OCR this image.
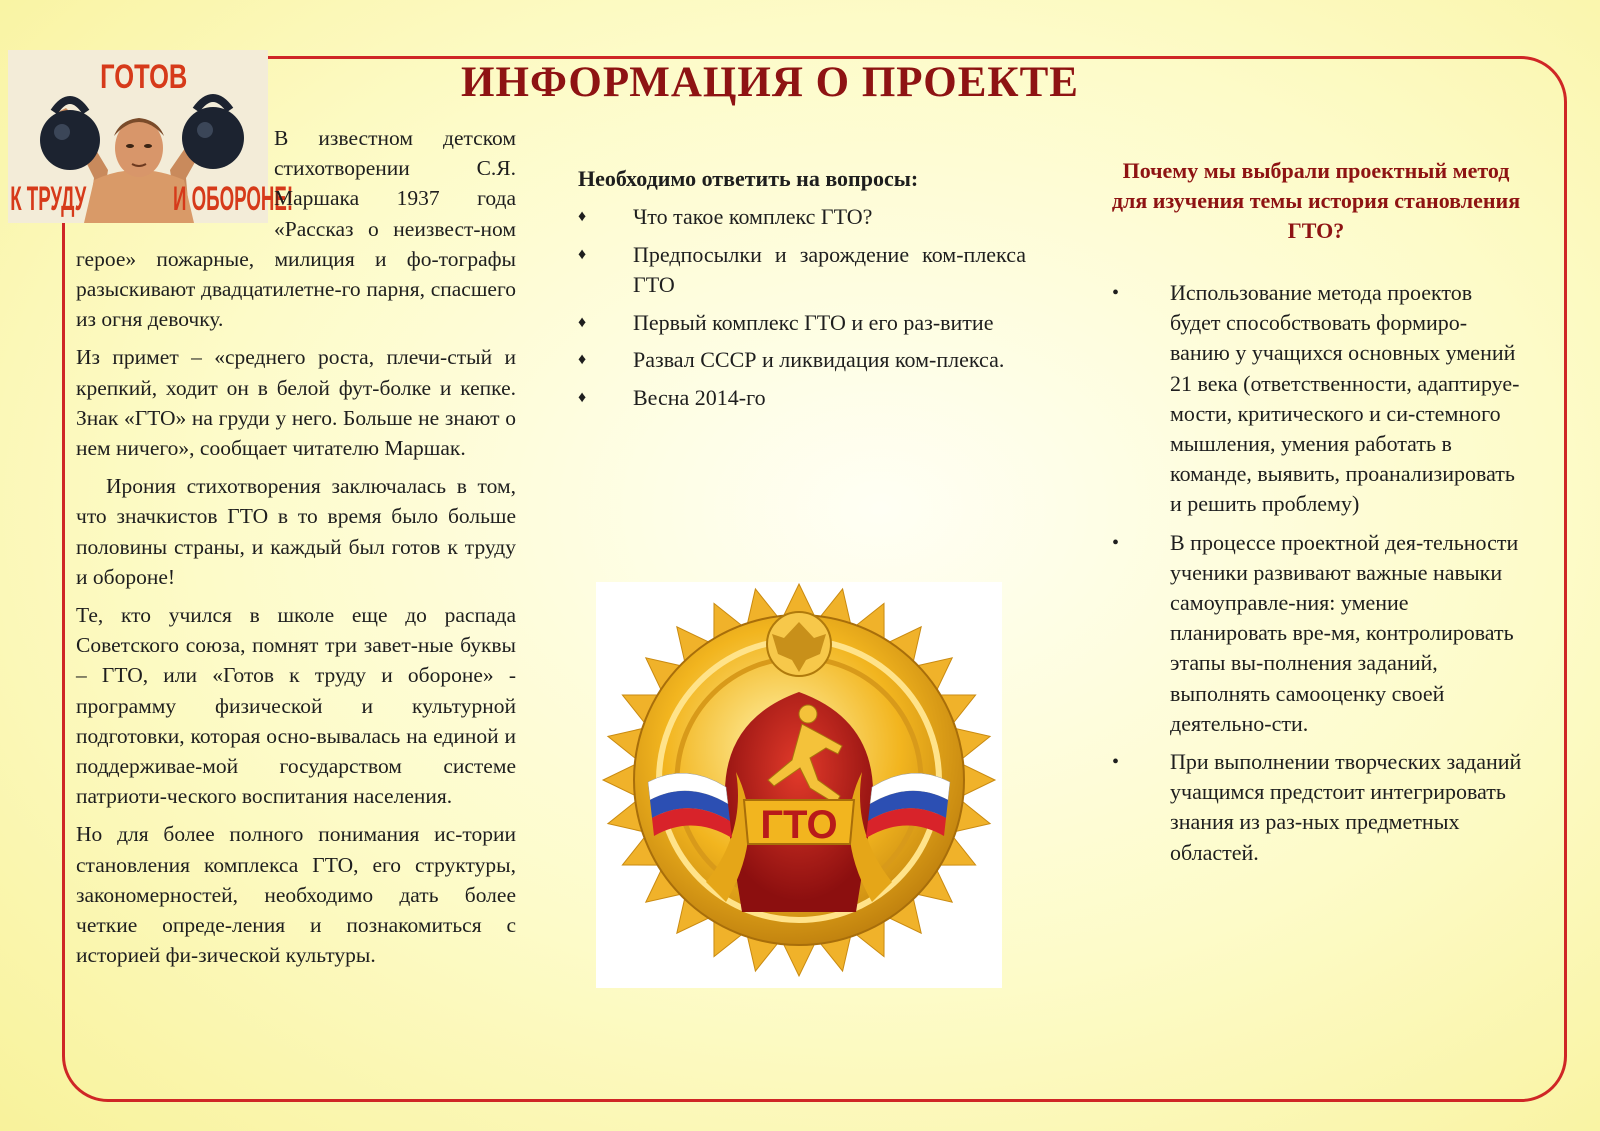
ГОТОВ
К ТРУДУ	И ОБОРОНЕ!
ИНФОРМАЦИЯ О ПРОЕКТЕ

В известном детском стихотворении С.Я. Маршака 1937 года «Рассказ о неизвест-ном герое» пожарные, милиция и фо-тографы разыскивают двадцатилетне-го парня, спасшего из огня девочку.

Из примет – «среднего роста, плечи-стый и крепкий, ходит он в белой фут-болке и кепке. Знак «ГТО» на груди у него. Больше не знают о нем ничего», сообщает читателю Маршак.

Ирония стихотворения заключалась в том, что значкистов ГТО в то время было больше половины страны, и каждый был готов к труду и обороне!

Те, кто учился в школе еще до распада Советского союза, помнят три завет-ные буквы – ГТО, или «Готов к труду и обороне» - программу физической и культурной подготовки, которая осно-вывалась на единой и поддерживае-мой государством системе патриоти-ческого воспитания населения.

Но для более полного понимания ис-тории становления комплекса ГТО, его структуры, закономерностей, необходимо дать более четкие опреде-ления и познакомиться с историей фи-зической культуры.

Необходимо ответить на вопросы:
♦ Что такое комплекс ГТО?
♦ Предпосылки и зарождение ком-плекса ГТО
♦ Первый комплекс ГТО и его раз-витие
♦ Развал СССР и ликвидация ком-плекса.
♦ Весна 2014-го
ГТО
Почему мы выбрали проектный метод для изучения темы история становления ГТО?
• Использование метода проектов будет способствовать формиро-ванию у учащихся основных умений 21 века (ответственности, адаптируе-мости, критического и си-стемного мышления, умения работать в команде, выявить, проанализировать и решить проблему)
• В процессе проектной дея-тельности ученики развивают важные навыки самоуправле-ния: умение планировать вре-мя, контролировать этапы вы-полнения заданий, выполнять самооценку своей деятельно-сти.
• При выполнении творческих заданий учащимся предстоит интегрировать знания из раз-ных предметных областей.
